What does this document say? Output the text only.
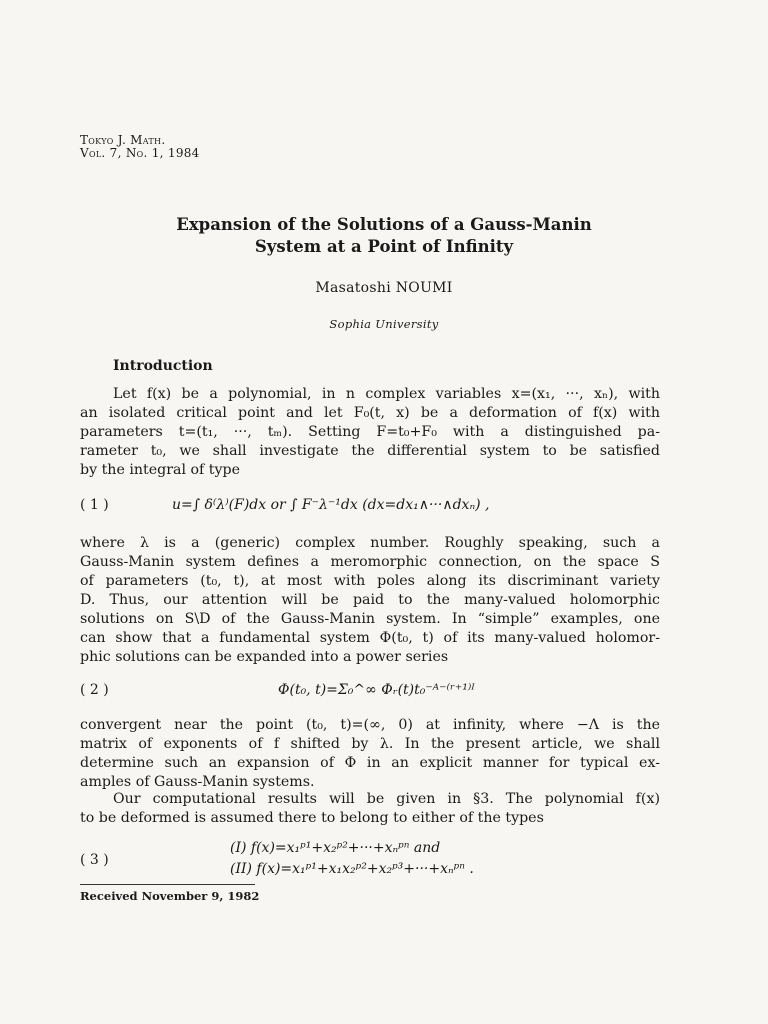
Tokyo J. Math.
Vol. 7, No. 1, 1984
Expansion of the Solutions of a Gauss-Manin
System at a Point of Infinity
Masatoshi NOUMI
Sophia University
Introduction
Let f(x) be a polynomial, in n complex variables x=(x₁, ···, xₙ), with
an isolated critical point and let F₀(t, x) be a deformation of f(x) with
parameters t=(t₁, ···, tₘ). Setting F=t₀+F₀ with a distinguished pa-
rameter t₀, we shall investigate the differential system to be satisfied
by the integral of type
( 1 )	u=∫ δ⁽λ⁾(F)dx or ∫ F⁻λ⁻¹dx (dx=dx₁∧···∧dxₙ) ,
where λ is a (generic) complex number. Roughly speaking, such a
Gauss-Manin system defines a meromorphic connection, on the space S
of parameters (t₀, t), at most with poles along its discriminant variety
D. Thus, our attention will be paid to the many-valued holomorphic
solutions on S\D of the Gauss-Manin system. In “simple” examples, one
can show that a fundamental system Φ(t₀, t) of its many-valued holomor-
phic solutions can be expanded into a power series
( 2 )	Φ(t₀, t)=Σ₀^∞ Φᵣ(t)t₀⁻ᴬ⁻⁽ʳ⁺¹⁾ᴵ
convergent near the point (t₀, t)=(∞, 0) at infinity, where −Λ is the
matrix of exponents of f shifted by λ. In the present article, we shall
determine such an expansion of Φ in an explicit manner for typical ex-
amples of Gauss-Manin systems.
Our computational results will be given in §3. The polynomial f(x)
to be deformed is assumed there to belong to either of the types
( 3 )
(I) f(x)=x₁ᵖ¹+x₂ᵖ²+···+xₙᵖⁿ and
(II) f(x)=x₁ᵖ¹+x₁x₂ᵖ²+x₂ᵖ³+···+xₙᵖⁿ .
Received November 9, 1982
